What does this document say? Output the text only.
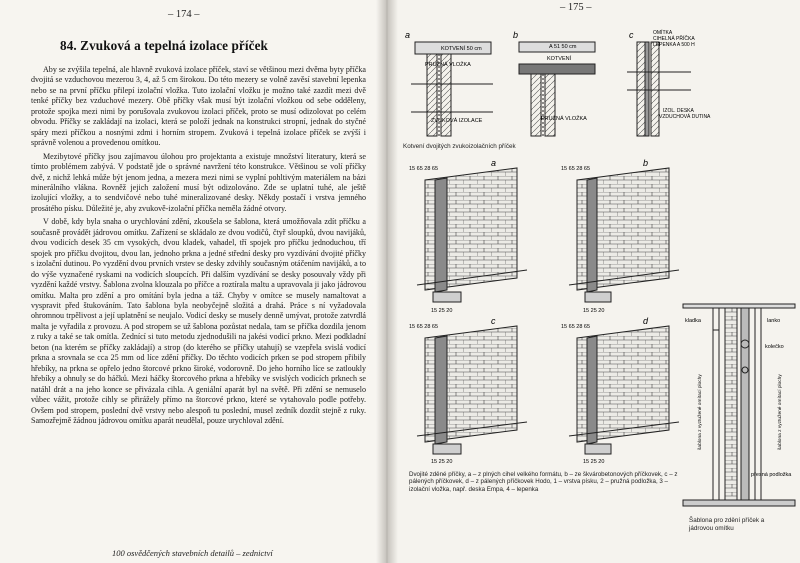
– 174 –
84. Zvuková a tepelná izolace příček

Aby se zvýšila tepelná, ale hlavně zvuková izolace příček, staví se většinou mezi dvěma byty příčka dvojitá se vzduchovou mezerou 3, 4, až 5 cm širokou. Do této mezery se volně zavěsí stavební lepenka nebo se na první příčku přilepí izolační vložka. Tuto izolační vložku je možno také zazdít mezi dvě tenké příčky bez vzduchové mezery. Obě příčky však musí být izolační vložkou od sebe odděleny, protože spojka mezi nimi by porušovala zvukovou izolaci příček, proto se musí odizolovat po celém obvodu. Příčky se zakládají na izolaci, která se položí jednak na konstrukci stropní, jednak do styčné spáry mezi příčkou a nosnými zdmi i horním stropem. Zvuková i tepelná izolace příček se zvýší i správně volenou a provedenou omítkou.

Mezibytové příčky jsou zajímavou úlohou pro projektanta a existuje množství literatury, která se tímto problémem zabývá. V podstatě jde o správné navržení této konstrukce. Většinou se volí příčky dvě, z nichž lehká může být jenom jedna, a mezera mezi nimi se vyplní pohltivým materiálem na bázi minerálního vlákna. Rovněž jejich založení musí být odizolováno. Zde se uplatní tuhé, ale ještě izolující vložky, a to sendvičové nebo tuhé mineralizované desky. Někdy postačí i vrstva jemného prosátého písku. Důležité je, aby zvukově-izolační příčka neměla žádné otvory.

V době, kdy byla snaha o urychlování zdění, zkoušela se šablona, která umožňovala zdít příčku a současně provádět jádrovou omítku. Zařízení se skládalo ze dvou vodičů, čtyř sloupků, dvou navijáků, dvou vodicích desek 35 cm vysokých, dvou kladek, vahadel, tří spojek pro příčku jednoduchou, tří spojek pro příčku dvojitou, dvou lan, jednoho prkna a jedné střední desky pro vyzdívání dvojité příčky s izolační dutinou. Po vyzdění dvou prvních vrstev se desky zdvihly současným otáčením navijáků, a to do výše vyznačené ryskami na vodicích sloupcích. Při dalším vyzdívání se desky posouvaly vždy při vyzdění každé vrstvy. Šablona zvolna klouzala po příčce a roztírala maltu a upravovala ji jako jádrovou omítku. Malta pro zdění a pro omítání byla jedna a táž. Chyby v omítce se musely namaltovat a vyspravit před štukováním. Tato šablona byla neobyčejně složitá a drahá. Práce s ní vyžadovala ohromnou trpělivost a její uplatnění se neujalo. Vodicí desky se musely denně umývat, protože zatvrdlá malta je vyřadila z provozu. A pod stropem se už šablona pozůstat nedala, tam se příčka dozdila jenom z ruky a také se tak omítla. Zednící si tuto metodu zjednodušili na jakési vodicí prkno. Mezi podkladní beton (na kterém se příčky zakládají) a strop (do kterého se příčky utahují) se vzepřela svislá vodicí prkna a srovnala se cca 25 mm od líce zdění příčky. Do těchto vodicích prken se pod stropem přibily hřebíky, na prkna se opřelo jedno štorcové prkno široké, vodorovně. Do jeho horního líce se zatloukly hřebíky a ohnuly se do háčků. Mezi háčky štorcového prkna a hřebíky ve svislých vodicích prknech se natáhl drát a na jeho konce se přivázala cihla. A geniální aparát byl na světě. Při zdění se nemuselo vůbec vážit, protože cihly se přirážely přímo na štorcové prkno, které se vytahovalo podle potřeby. Ovšem pod stropem, poslední dvě vrstvy nebo alespoň tu poslední, musel zedník dozdít stejně z ruky. Samozřejmě žádnou jádrovou omítku aparát neudělal, pouze urychloval zdění.

100 osvědčených stavebních detailů – zednictví
– 175 –
a	b	c
KOTVENÍ 50 cm
PRUŽNÁ VLOŽKA
ZVUKOVÁ IZOLACE
A 51 50 cm
KOTVENÍ
PRUŽNÁ VLOŽKA
OMÍTKA
CIHELNÁ PŘÍČKA
LEPENKA A 500 H
IZOL. DESKA
VZDUCHOVÁ DUTINA
Kotvení dvojitých zvukoizolačních příček
15 65 28 65	15 65 28 65
15 65 28 65	15 65 28 65
15 25 20	15 25 20
15 25 20	15 25 20
a	b
c	d
Dvojité zděné příčky, a – z plných cihel velkého formátu, b – ze škvárobetonových příčkovek, c – z pálených příčkovek, d – z pálených příčkovek Hodo, 1 – vrstva písku, 2 – pružná podložka, 3 – izolační vložka, např. deska Empa, 4 – lepenka
kladka	lanko
kolečko
šablona z vyztužené omítací plochy	šablona z vyztužené omítací plochy
přesná podložka
Šablona pro zdění příček a jádrovou omítku
